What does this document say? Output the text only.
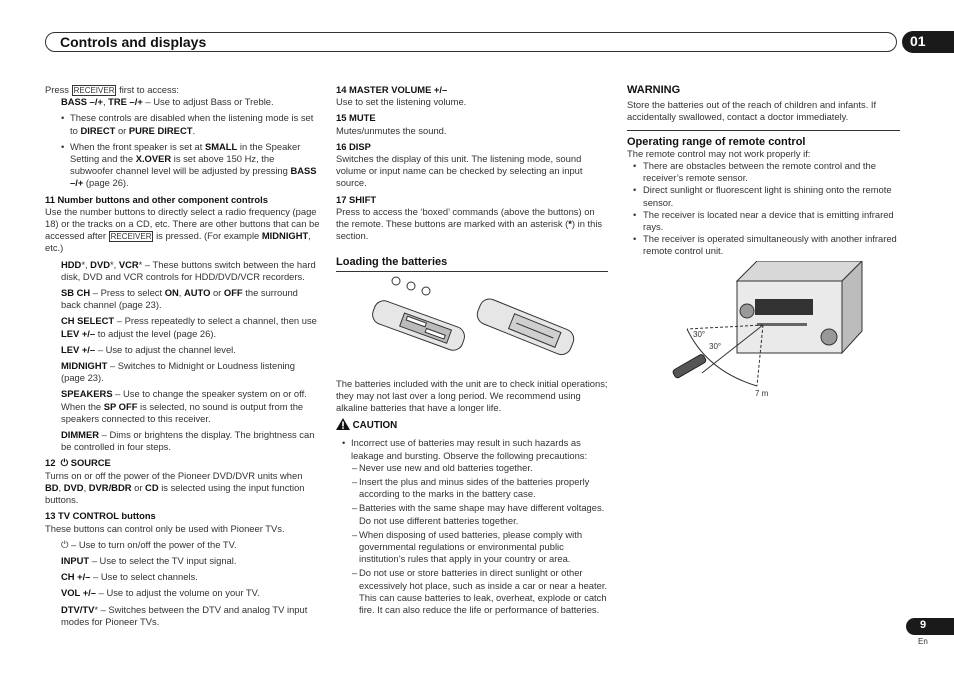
Controls and displays	01

Press RECEIVER first to access:

BASS –/+, TRE –/+ – Use to adjust Bass or Treble.

• These controls are disabled when the listening mode is set to DIRECT or PURE DIRECT.

• When the front speaker is set at SMALL in the Speaker Setting and the X.OVER is set above 150 Hz, the subwoofer channel level will be adjusted by pressing BASS –/+ (page 26).

11 Number buttons and other component controls

Use the number buttons to directly select a radio frequency (page 18) or the tracks on a CD, etc. There are other buttons that can be accessed after RECEIVER is pressed. (For example MIDNIGHT, etc.)

HDD*, DVD*, VCR* – These buttons switch between the hard disk, DVD and VCR controls for HDD/DVD/VCR recorders.

SB CH – Press to select ON, AUTO or OFF the surround back channel (page 23).

CH SELECT – Press repeatedly to select a channel, then use LEV +/– to adjust the level (page 26).

LEV +/– – Use to adjust the channel level.

MIDNIGHT – Switches to Midnight or Loudness listening (page 23).

SPEAKERS – Use to change the speaker system on or off. When the SP OFF is selected, no sound is output from the speakers connected to this receiver.

DIMMER – Dims or brightens the display. The brightness can be controlled in four steps.

12 ⏻ SOURCE

Turns on or off the power of the Pioneer DVD/DVR units when BD, DVD, DVR/BDR or CD is selected using the input function buttons.

13 TV CONTROL buttons

These buttons can control only be used with Pioneer TVs.

⏻ – Use to turn on/off the power of the TV.

INPUT – Use to select the TV input signal.

CH +/– – Use to select channels.

VOL +/– – Use to adjust the volume on your TV.

DTV/TV* – Switches between the DTV and analog TV input modes for Pioneer TVs.

14 MASTER VOLUME +/–

Use to set the listening volume.

15 MUTE

Mutes/unmutes the sound.

16 DISP

Switches the display of this unit. The listening mode, sound volume or input name can be checked by selecting an input source.

17 SHIFT

Press to access the ‘boxed’ commands (above the buttons) on the remote. These buttons are marked with an asterisk (*) in this section.

Loading the batteries

The batteries included with the unit are to check initial operations; they may not last over a long period. We recommend using alkaline batteries that have a longer life.

CAUTION

• Incorrect use of batteries may result in such hazards as leakage and bursting. Observe the following precautions:

– Never use new and old batteries together.

– Insert the plus and minus sides of the batteries properly according to the marks in the battery case.

– Batteries with the same shape may have different voltages. Do not use different batteries together.

– When disposing of used batteries, please comply with governmental regulations or environmental public institution’s rules that apply in your country or area.

– Do not use or store batteries in direct sunlight or other excessively hot place, such as inside a car or near a heater. This can cause batteries to leak, overheat, explode or catch fire. It can also reduce the life or performance of batteries.

WARNING

Store the batteries out of the reach of children and infants. If accidentally swallowed, contact a doctor immediately.

Operating range of remote control

The remote control may not work properly if:

• There are obstacles between the remote control and the receiver’s remote sensor.

• Direct sunlight or fluorescent light is shining onto the remote sensor.

• The receiver is located near a device that is emitting infrared rays.

• The receiver is operated simultaneously with another infrared remote control unit.

30°
30°
7 m
9
En
